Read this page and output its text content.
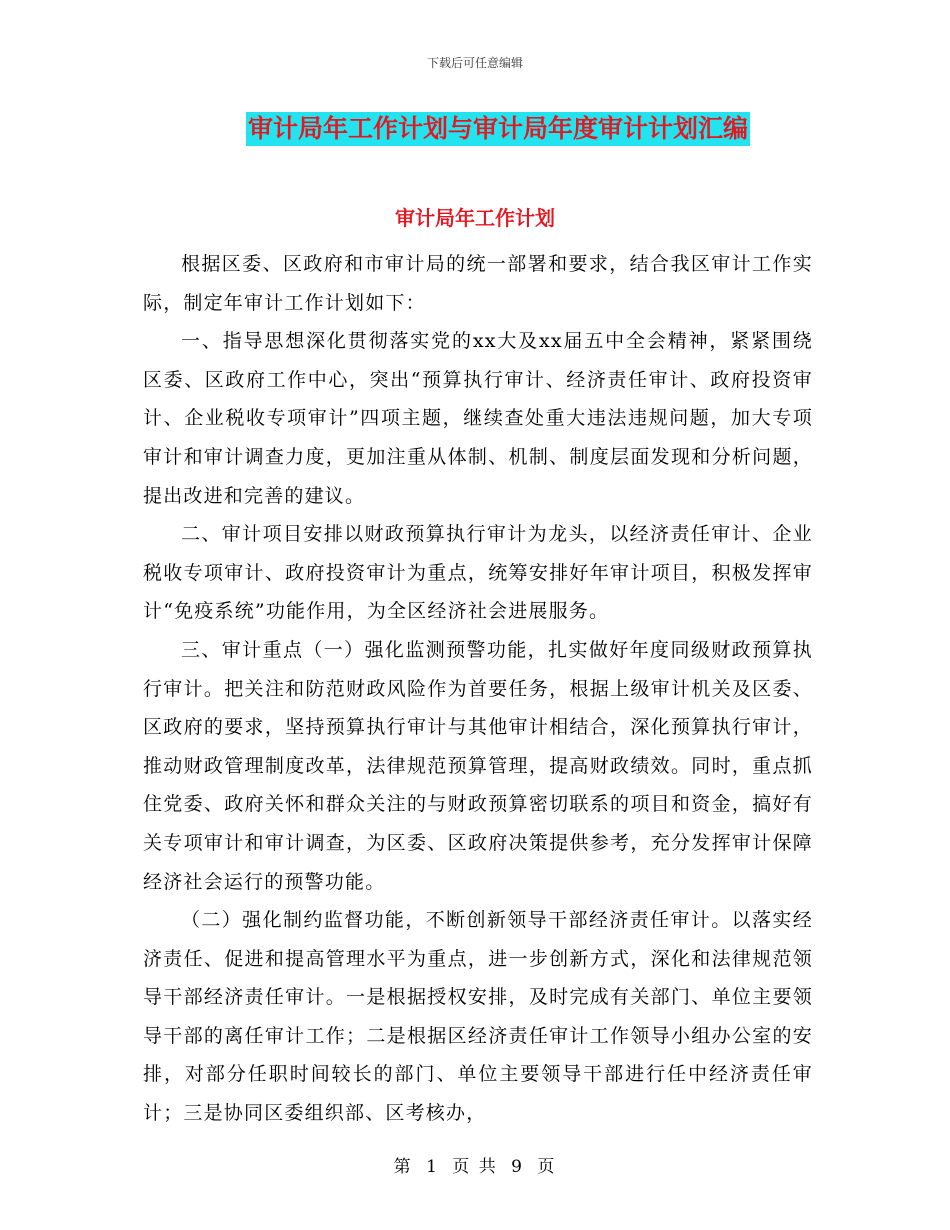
下载后可任意编辑
审计局年工作计划与审计局年度审计计划汇编
审计局年工作计划

根据区委、区政府和市审计局的统一部署和要求，结合我区审计工作实际，制定年审计工作计划如下：

一、指导思想深化贯彻落实党的xx大及xx届五中全会精神，紧紧围绕区委、区政府工作中心，突出“预算执行审计、经济责任审计、政府投资审计、企业税收专项审计”四项主题，继续查处重大违法违规问题，加大专项审计和审计调查力度，更加注重从体制、机制、制度层面发现和分析问题，提出改进和完善的建议。

二、审计项目安排以财政预算执行审计为龙头，以经济责任审计、企业税收专项审计、政府投资审计为重点，统筹安排好年审计项目，积极发挥审计“免疫系统”功能作用，为全区经济社会进展服务。

三、审计重点（一）强化监测预警功能，扎实做好年度同级财政预算执行审计。把关注和防范财政风险作为首要任务，根据上级审计机关及区委、区政府的要求，坚持预算执行审计与其他审计相结合，深化预算执行审计，推动财政管理制度改革，法律规范预算管理，提高财政绩效。同时，重点抓住党委、政府关怀和群众关注的与财政预算密切联系的项目和资金，搞好有关专项审计和审计调查，为区委、区政府决策提供参考，充分发挥审计保障经济社会运行的预警功能。

（二）强化制约监督功能，不断创新领导干部经济责任审计。以落实经济责任、促进和提高管理水平为重点，进一步创新方式，深化和法律规范领导干部经济责任审计。一是根据授权安排，及时完成有关部门、单位主要领导干部的离任审计工作；二是根据区经济责任审计工作领导小组办公室的安排，对部分任职时间较长的部门、单位主要领导干部进行任中经济责任审计；三是协同区委组织部、区考核办，

第 1 页 共 9 页
